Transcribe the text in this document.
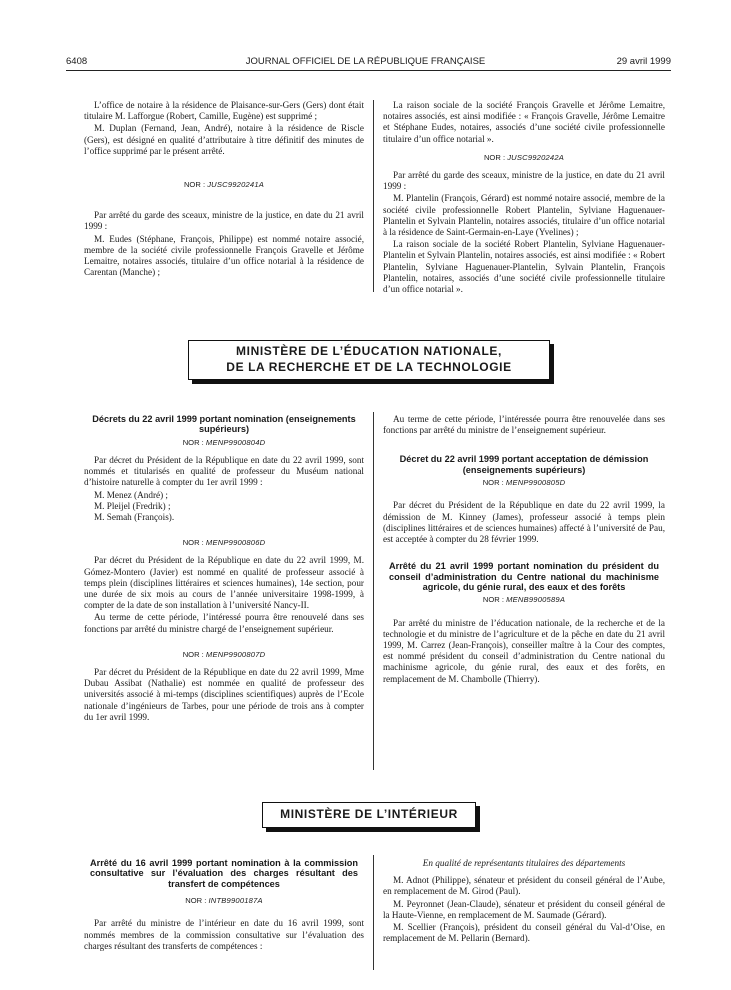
6408	JOURNAL OFFICIEL DE LA RÉPUBLIQUE FRANÇAISE	29 avril 1999

L’office de notaire à la résidence de Plaisance-sur-Gers (Gers) dont était titulaire M. Lafforgue (Robert, Camille, Eugène) est supprimé ;

M. Duplan (Fernand, Jean, André), notaire à la résidence de Riscle (Gers), est désigné en qualité d’attributaire à titre définitif des minutes de l’office supprimé par le présent arrêté.

NOR : JUSC9920241A

Par arrêté du garde des sceaux, ministre de la justice, en date du 21 avril 1999 :

M. Eudes (Stéphane, François, Philippe) est nommé notaire associé, membre de la société civile professionnelle François Gravelle et Jérôme Lemaitre, notaires associés, titulaire d’un office notarial à la résidence de Carentan (Manche) ;

La raison sociale de la société François Gravelle et Jérôme Lemaitre, notaires associés, est ainsi modifiée : « François Gravelle, Jérôme Lemaitre et Stéphane Eudes, notaires, associés d’une société civile professionnelle titulaire d’un office notarial ».

NOR : JUSC9920242A

Par arrêté du garde des sceaux, ministre de la justice, en date du 21 avril 1999 :

M. Plantelin (François, Gérard) est nommé notaire associé, membre de la société civile professionnelle Robert Plantelin, Sylviane Haguenauer-Plantelin et Sylvain Plantelin, notaires associés, titulaire d’un office notarial à la résidence de Saint-Germain-en-Laye (Yvelines) ;

La raison sociale de la société Robert Plantelin, Sylviane Haguenauer-Plantelin et Sylvain Plantelin, notaires associés, est ainsi modifiée : « Robert Plantelin, Sylviane Haguenauer-Plantelin, Sylvain Plantelin, François Plantelin, notaires, associés d’une société civile professionnelle titulaire d’un office notarial ».

MINISTÈRE DE L’ÉDUCATION NATIONALE,
DE LA RECHERCHE ET DE LA TECHNOLOGIE

Décrets du 22 avril 1999 portant nomination (enseignements supérieurs)

NOR : MENP9900804D

Par décret du Président de la République en date du 22 avril 1999, sont nommés et titularisés en qualité de professeur du Muséum national d’histoire naturelle à compter du 1er avril 1999 :

M. Menez (André) ;

M. Pleijel (Fredrik) ;

M. Semah (François).

NOR : MENP9900806D

Par décret du Président de la République en date du 22 avril 1999, M. Gómez-Montero (Javier) est nommé en qualité de professeur associé à temps plein (disciplines littéraires et sciences humaines), 14e section, pour une durée de six mois au cours de l’année universitaire 1998-1999, à compter de la date de son installation à l’université Nancy-II.

Au terme de cette période, l’intéressé pourra être renouvelé dans ses fonctions par arrêté du ministre chargé de l’enseignement supérieur.

NOR : MENP9900807D

Par décret du Président de la République en date du 22 avril 1999, Mme Dubau Assibat (Nathalie) est nommée en qualité de professeur des universités associé à mi-temps (disciplines scientifiques) auprès de l’Ecole nationale d’ingénieurs de Tarbes, pour une période de trois ans à compter du 1er avril 1999.

Au terme de cette période, l’intéressée pourra être renouvelée dans ses fonctions par arrêté du ministre de l’enseignement supérieur.

Décret du 22 avril 1999 portant acceptation de démission (enseignements supérieurs)

NOR : MENP9900805D

Par décret du Président de la République en date du 22 avril 1999, la démission de M. Kinney (James), professeur associé à temps plein (disciplines littéraires et de sciences humaines) affecté à l’université de Pau, est acceptée à compter du 28 février 1999.

Arrêté du 21 avril 1999 portant nomination du président du conseil d’administration du Centre national du machinisme agricole, du génie rural, des eaux et des forêts

NOR : MENB9900589A

Par arrêté du ministre de l’éducation nationale, de la recherche et de la technologie et du ministre de l’agriculture et de la pêche en date du 21 avril 1999, M. Carrez (Jean-François), conseiller maître à la Cour des comptes, est nommé président du conseil d’administration du Centre national du machinisme agricole, du génie rural, des eaux et des forêts, en remplacement de M. Chambolle (Thierry).

MINISTÈRE DE L’INTÉRIEUR

Arrêté du 16 avril 1999 portant nomination à la commission consultative sur l’évaluation des charges résultant des transfert de compétences

NOR : INTB9900187A

Par arrêté du ministre de l’intérieur en date du 16 avril 1999, sont nommés membres de la commission consultative sur l’évaluation des charges résultant des transferts de compétences :

En qualité de représentants titulaires des départements

M. Adnot (Philippe), sénateur et président du conseil général de l’Aube, en remplacement de M. Girod (Paul).

M. Peyronnet (Jean-Claude), sénateur et président du conseil général de la Haute-Vienne, en remplacement de M. Saumade (Gérard).

M. Scellier (François), président du conseil général du Val-d’Oise, en remplacement de M. Pellarin (Bernard).
